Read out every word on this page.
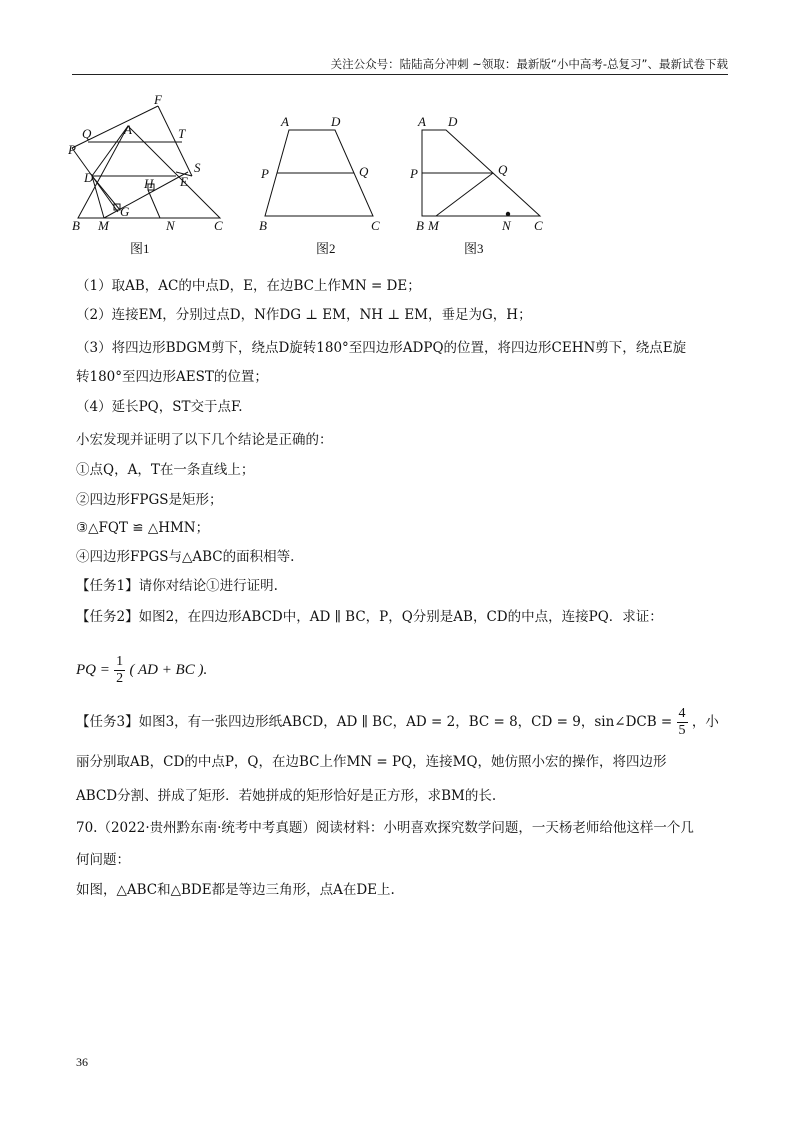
关注公众号：陆陆高分冲刺 ~领取：最新版“小中高考-总复习”、最新试卷下载
F
Q	A	T
P
S
D	E
H
G
B M	N	C
图1
A	D
P	Q
B	C
图2
A D
P	Q
B M	N C
图3
（1）取AB，AC的中点D，E，在边BC上作MN = DE；
（2）连接EM，分别过点D，N作DG ⊥ EM，NH ⊥ EM，垂足为G，H；
（3）将四边形BDGM剪下，绕点D旋转180°至四边形ADPQ的位置，将四边形CEHN剪下，绕点E旋
转180°至四边形AEST的位置；
（4）延长PQ，ST交于点F.
小宏发现并证明了以下几个结论是正确的：
①点Q，A，T在一条直线上；
②四边形FPGS是矩形；
③△FQT ≌ △HMN；
④四边形FPGS与△ABC的面积相等.
【任务1】请你对结论①进行证明.
【任务2】如图2，在四边形ABCD中，AD ∥ BC，P，Q分别是AB，CD的中点，连接PQ．求证：
PQ = $\frac{1}{2}$ ( AD + BC ).
【任务3】如图3，有一张四边形纸ABCD，AD ∥ BC，AD = 2，BC = 8，CD = 9，sin∠DCB = $\frac{4}{5}$ ，小
丽分别取AB，CD的中点P，Q，在边BC上作MN = PQ，连接MQ，她仿照小宏的操作，将四边形
ABCD分割、拼成了矩形．若她拼成的矩形恰好是正方形，求BM的长.
70.（2022·贵州黔东南·统考中考真题）阅读材料：小明喜欢探究数学问题，一天杨老师给他这样一个几
何问题：
如图，△ABC和△BDE都是等边三角形，点A在DE上.
36
